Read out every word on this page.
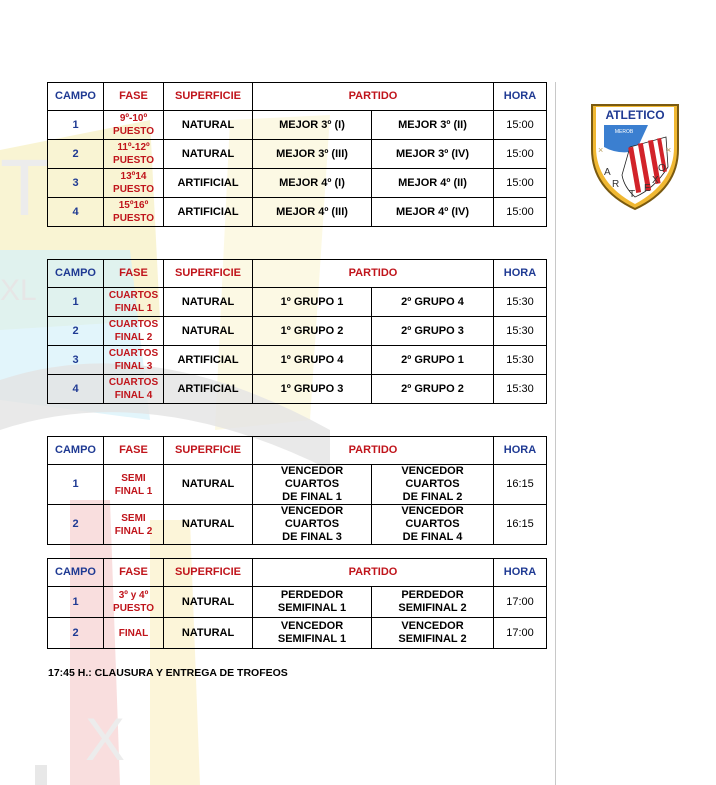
T
XL
X
ATLETICO
MEROB
A
R
T
E
X
O
×	×
CAMPO	FASE	SUPERFICIE	PARTIDO		HORA
1	9º-10º
PUESTO	NATURAL	MEJOR 3º (I)	MEJOR 3º (II)	15:00
2	11º-12º
PUESTO	NATURAL	MEJOR 3º (III)	MEJOR 3º (IV)	15:00
3	13º14
PUESTO	ARTIFICIAL	MEJOR 4º (I)	MEJOR 4º (II)	15:00
4	15º16º
PUESTO	ARTIFICIAL	MEJOR 4º (III)	MEJOR 4º (IV)	15:00
CAMPO	FASE	SUPERFICIE	PARTIDO		HORA
1	CUARTOS
FINAL 1	NATURAL	1º GRUPO 1	2º GRUPO 4	15:30
2	CUARTOS
FINAL 2	NATURAL	1º GRUPO 2	2º GRUPO 3	15:30
3	CUARTOS
FINAL 3	ARTIFICIAL	1º GRUPO 4	2º GRUPO 1	15:30
4	CUARTOS
FINAL 4	ARTIFICIAL	1º GRUPO 3	2º GRUPO 2	15:30
CAMPO	FASE	SUPERFICIE	PARTIDO		HORA
1	SEMI
FINAL 1	NATURAL	VENCEDOR CUARTOS
DE FINAL 1	VENCEDOR CUARTOS
DE FINAL 2	16:15
2	SEMI
FINAL 2	NATURAL	VENCEDOR CUARTOS
DE FINAL 3	VENCEDOR CUARTOS
DE FINAL 4	16:15
CAMPO	FASE	SUPERFICIE	PARTIDO		HORA
1	3º y 4º
PUESTO	NATURAL	PERDEDOR
SEMIFINAL 1	PERDEDOR
SEMIFINAL 2	17:00
2	FINAL	NATURAL	VENCEDOR
SEMIFINAL 1	VENCEDOR
SEMIFINAL 2	17:00
17:45 H.: CLAUSURA Y ENTREGA DE TROFEOS
